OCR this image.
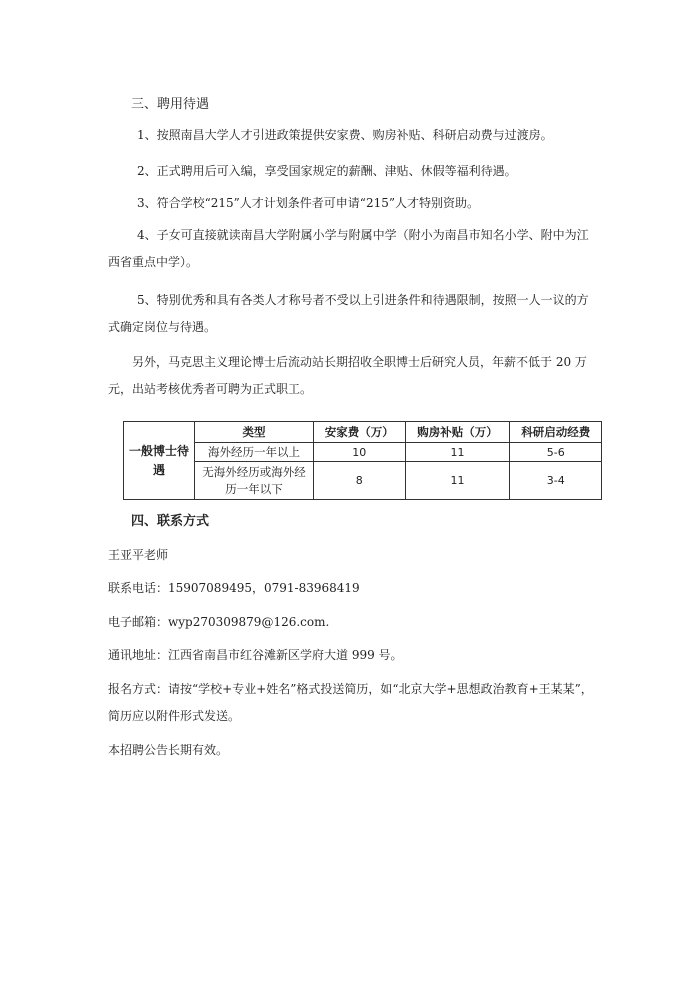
三、聘用待遇
1、按照南昌大学人才引进政策提供安家费、购房补贴、科研启动费与过渡房。
2、正式聘用后可入编，享受国家规定的薪酬、津贴、休假等福利待遇。
3、符合学校“215”人才计划条件者可申请“215”人才特别资助。
4、子女可直接就读南昌大学附属小学与附属中学（附小为南昌市知名小学、附中为江西省重点中学）。
5、特别优秀和具有各类人才称号者不受以上引进条件和待遇限制，按照一人一议的方式确定岗位与待遇。
另外，马克思主义理论博士后流动站长期招收全职博士后研究人员，年薪不低于 20 万元，出站考核优秀者可聘为正式职工。
一般博士待遇	类型	安家费（万）	购房补贴（万）	科研启动经费
	海外经历一年以上	10	11	5-6
	无海外经历或海外经历一年以下	8	11	3-4
四、联系方式
王亚平老师
联系电话：15907089495，0791-83968419
电子邮箱：wyp270309879@126.com.
通讯地址：江西省南昌市红谷滩新区学府大道 999 号。
报名方式：请按“学校+专业+姓名”格式投送简历，如“北京大学+思想政治教育+王某某”，简历应以附件形式发送。
本招聘公告长期有效。
